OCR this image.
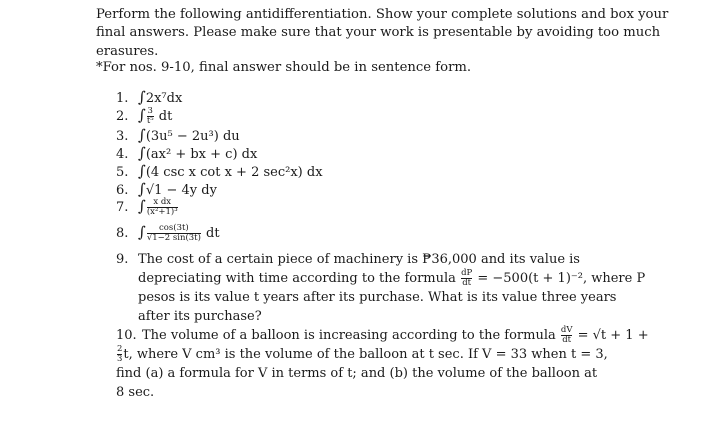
Perform the following antidifferentiation. Show your complete solutions and box your final answers. Please make sure that your work is presentable by avoiding too much erasures.
*For nos. 9-10, final answer should be in sentence form.
1. ∫2x⁷dx
2. ∫ $\frac{3}{\text{t⁵}}$ dt
3. ∫(3u⁵ − 2u³) du
4. ∫(ax² + bx + c) dx
5. ∫(4 csc x cot x + 2 sec²x) dx
6. ∫√1 − 4y dy
7. ∫ $\frac{\text{x dx}}{\text{(x²+1)³}}$
8. ∫ $\frac{\cos(3t)}{√1-2 \sin(3t)}$ dt
9. The cost of a certain piece of machinery is ₱36,000 and its value is
depreciating with time according to the formula $\frac{dP}{dt} = -500(t + 1)^{-2}$, where P
pesos is its value t years after its purchase. What is its value three years
after its purchase?
10. The volume of a balloon is increasing according to the formula $\frac{dV}{dt} = √t + 1$ +
$\frac{2}{3} t$, where V cm³ is the volume of the balloon at t sec. If V = 33 when t = 3,
find (a) a formula for V in terms of t; and (b) the volume of the balloon at
8 sec.
